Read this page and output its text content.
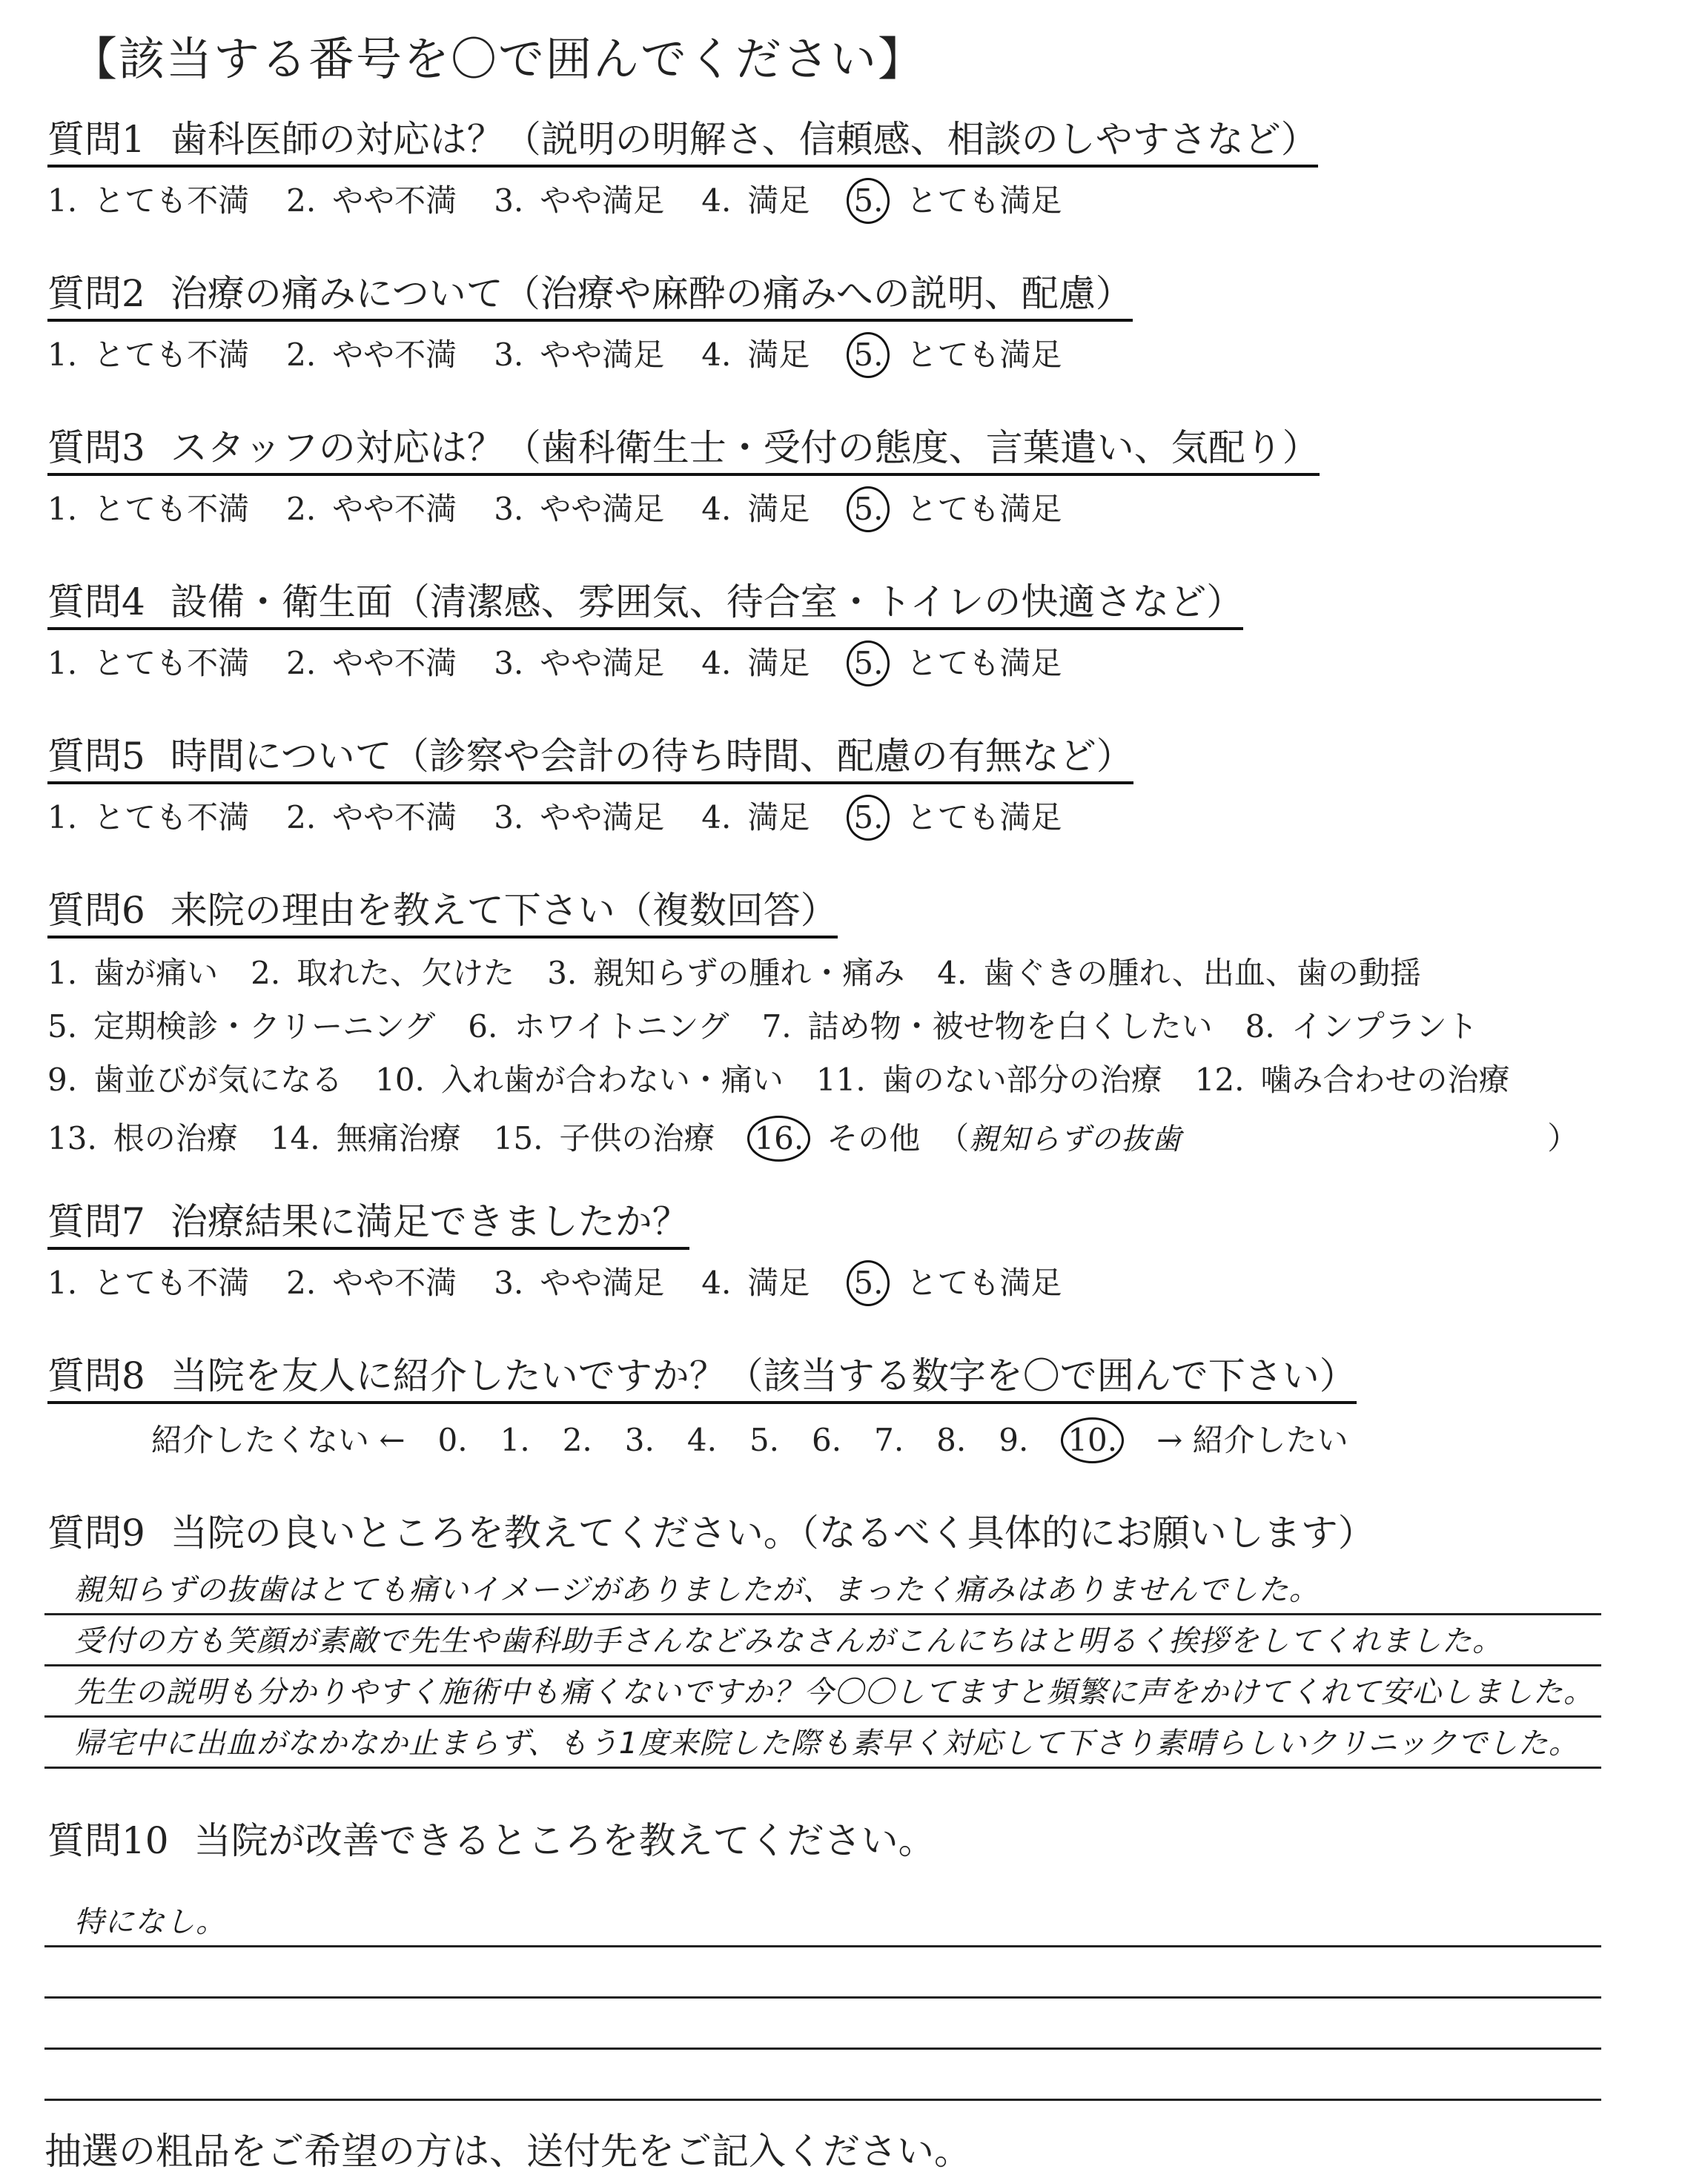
【該当する番号を〇で囲んでください】
質問1 歯科医師の対応は？（説明の明解さ、信頼感、相談のしやすさなど）
1. とても不満 2. やや不満 3. やや満足 4. 満足 5. とても満足
質問2 治療の痛みについて（治療や麻酔の痛みへの説明、配慮）
1. とても不満 2. やや不満 3. やや満足 4. 満足 5. とても満足
質問3 スタッフの対応は？（歯科衛生士・受付の態度、言葉遣い、気配り）
1. とても不満 2. やや不満 3. やや満足 4. 満足 5. とても満足
質問4 設備・衛生面（清潔感、雰囲気、待合室・トイレの快適さなど）
1. とても不満 2. やや不満 3. やや満足 4. 満足 5. とても満足
質問5 時間について（診察や会計の待ち時間、配慮の有無など）
1. とても不満 2. やや不満 3. やや満足 4. 満足 5. とても満足
質問6 来院の理由を教えて下さい（複数回答）
1. 歯が痛い 2. 取れた、欠けた 3. 親知らずの腫れ・痛み 4. 歯ぐきの腫れ、出血、歯の動揺
5. 定期検診・クリーニング 6. ホワイトニング 7. 詰め物・被せ物を白くしたい 8. インプラント
9. 歯並びが気になる 10. 入れ歯が合わない・痛い 11. 歯のない部分の治療 12. 噛み合わせの治療
13. 根の治療 14. 無痛治療 15. 子供の治療 16. その他 （親知らずの抜歯	）
質問7 治療結果に満足できましたか？
1. とても不満 2. やや不満 3. やや満足 4. 満足 5. とても満足
質問8 当院を友人に紹介したいですか？（該当する数字を〇で囲んで下さい）
紹介したくない ← 0. 1. 2. 3. 4. 5. 6. 7. 8. 9. 10. → 紹介したい
質問9 当院の良いところを教えてください。（なるべく具体的にお願いします）
親知らずの抜歯はとても痛いイメージがありましたが、まったく痛みはありませんでした。
受付の方も笑顔が素敵で先生や歯科助手さんなどみなさんがこんにちはと明るく挨拶をしてくれました。
先生の説明も分かりやすく施術中も痛くないですか？今〇〇してますと頻繁に声をかけてくれて安心しました。
帰宅中に出血がなかなか止まらず、もう1度来院した際も素早く対応して下さり素晴らしいクリニックでした。
質問10 当院が改善できるところを教えてください。
特になし。
抽選の粗品をご希望の方は、送付先をご記入ください。
